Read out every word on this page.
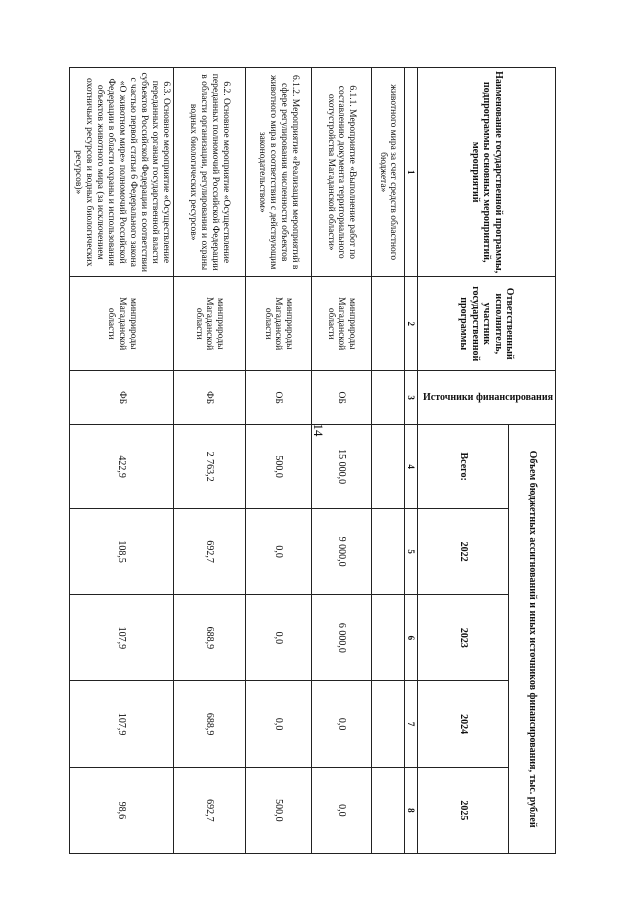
14
Наименование государственной программы, подпрограммы основных мероприятий, мероприятий	Ответственный исполнитель, участник государственной программы	Источники финансирования	Объем бюджетных ассигнований и иных источников финансирования, тыс. рублей				
			Всего:	2022	2023	2024	2025
1	2	3	4	5	6	7	8
животного мира за счет средств областного бюджета»							
6.1.1. Мероприятие «Выполнение работ по составлению документа территориального охотустройства Магаданской области»	минприроды Магаданской области	ОБ	15 000,0	9 000,0	6 000,0	0,0	0,0
6.1.2. Мероприятие «Реализация мероприятий в сфере регулирования численности объектов животного мира в соответствии с действующим законодательством»	минприроды Магаданской области	ОБ	500,0	0,0	0,0	0,0	500,0
6.2. Основное мероприятие «Осуществление переданных полномочий Российской Федерации в области организации, регулирования и охраны водных биологических ресурсов»	минприроды Магаданской области	ФБ	2 763,2	692,7	688,9	688,9	692,7
6.3. Основное мероприятие «Осуществление переданных органам государственной власти субъектов Российской Федерации в соответствии с частью первой статьи 6 Федерального закона «О животном мире» полномочий Российской Федерации в области охраны и использования объектов животного мира (за исключением охотничьих ресурсов и водных биологических ресурсов)»	минприроды Магаданской области	ФБ	422,9	108,5	107,9	107,9	98,6
